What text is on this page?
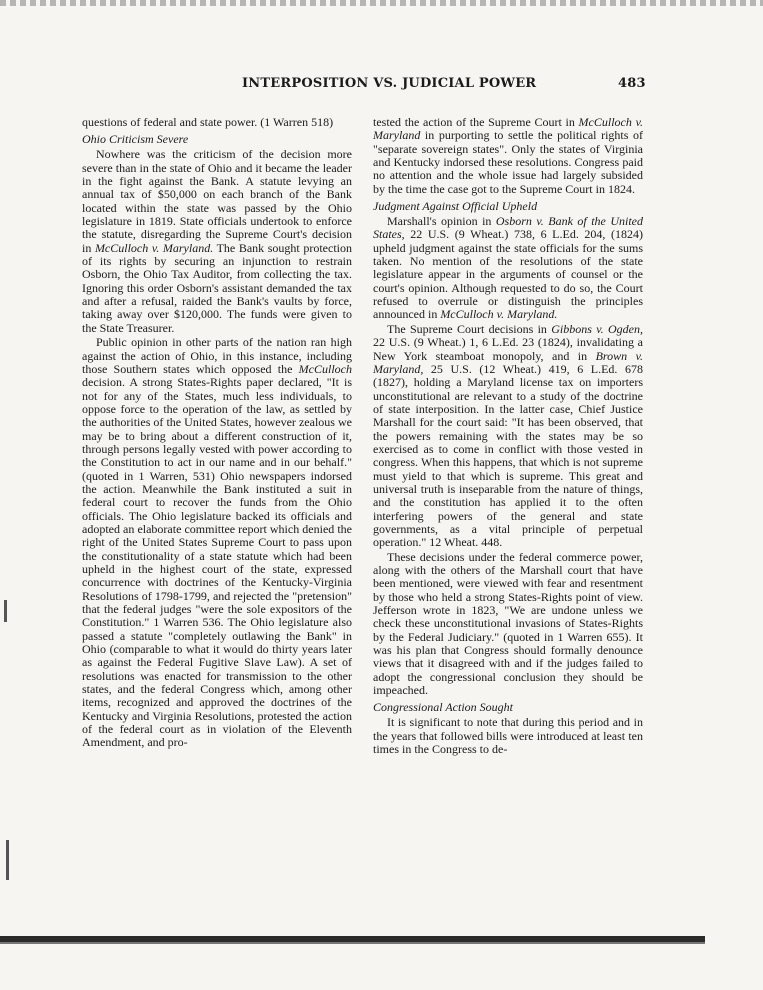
INTERPOSITION VS. JUDICIAL POWER	483

questions of federal and state power. (1 Warren 518)

Ohio Criticism Severe

Nowhere was the criticism of the decision more severe than in the state of Ohio and it became the leader in the fight against the Bank. A statute levying an annual tax of $50,000 on each branch of the Bank located within the state was passed by the Ohio legislature in 1819. State officials undertook to enforce the statute, disregarding the Supreme Court's decision in McCulloch v. Maryland. The Bank sought protection of its rights by securing an injunction to restrain Osborn, the Ohio Tax Auditor, from collecting the tax. Ignoring this order Osborn's assistant demanded the tax and after a refusal, raided the Bank's vaults by force, taking away over $120,000. The funds were given to the State Treasurer.

Public opinion in other parts of the nation ran high against the action of Ohio, in this instance, including those Southern states which opposed the McCulloch decision. A strong States-Rights paper declared, "It is not for any of the States, much less individuals, to oppose force to the operation of the law, as settled by the authorities of the United States, however zealous we may be to bring about a different construction of it, through persons legally vested with power according to the Constitution to act in our name and in our behalf." (quoted in 1 Warren, 531) Ohio newspapers indorsed the action. Meanwhile the Bank instituted a suit in federal court to recover the funds from the Ohio officials. The Ohio legislature backed its officials and adopted an elaborate committee report which denied the right of the United States Supreme Court to pass upon the constitutionality of a state statute which had been upheld in the highest court of the state, expressed concurrence with doctrines of the Kentucky-Virginia Resolutions of 1798-1799, and rejected the "pretension" that the federal judges "were the sole expositors of the Constitution." 1 Warren 536. The Ohio legislature also passed a statute "completely outlawing the Bank" in Ohio (comparable to what it would do thirty years later as against the Federal Fugitive Slave Law). A set of resolutions was enacted for transmission to the other states, and the federal Congress which, among other items, recognized and approved the doctrines of the Kentucky and Virginia Resolutions, protested the action of the federal court as in violation of the Eleventh Amendment, and pro-

tested the action of the Supreme Court in McCulloch v. Maryland in purporting to settle the political rights of "separate sovereign states". Only the states of Virginia and Kentucky indorsed these resolutions. Congress paid no attention and the whole issue had largely subsided by the time the case got to the Supreme Court in 1824.

Judgment Against Official Upheld

Marshall's opinion in Osborn v. Bank of the United States, 22 U.S. (9 Wheat.) 738, 6 L.Ed. 204, (1824) upheld judgment against the state officials for the sums taken. No mention of the resolutions of the state legislature appear in the arguments of counsel or the court's opinion. Although requested to do so, the Court refused to overrule or distinguish the principles announced in McCulloch v. Maryland.

The Supreme Court decisions in Gibbons v. Ogden, 22 U.S. (9 Wheat.) 1, 6 L.Ed. 23 (1824), invalidating a New York steamboat monopoly, and in Brown v. Maryland, 25 U.S. (12 Wheat.) 419, 6 L.Ed. 678 (1827), holding a Maryland license tax on importers unconstitutional are relevant to a study of the doctrine of state interposition. In the latter case, Chief Justice Marshall for the court said: "It has been observed, that the powers remaining with the states may be so exercised as to come in conflict with those vested in congress. When this happens, that which is not supreme must yield to that which is supreme. This great and universal truth is inseparable from the nature of things, and the constitution has applied it to the often interfering powers of the general and state governments, as a vital principle of perpetual operation." 12 Wheat. 448.

These decisions under the federal commerce power, along with the others of the Marshall court that have been mentioned, were viewed with fear and resentment by those who held a strong States-Rights point of view. Jefferson wrote in 1823, "We are undone unless we check these unconstitutional invasions of States-Rights by the Federal Judiciary." (quoted in 1 Warren 655). It was his plan that Congress should formally denounce views that it disagreed with and if the judges failed to adopt the congressional conclusion they should be impeached.

Congressional Action Sought

It is significant to note that during this period and in the years that followed bills were introduced at least ten times in the Congress to de-
